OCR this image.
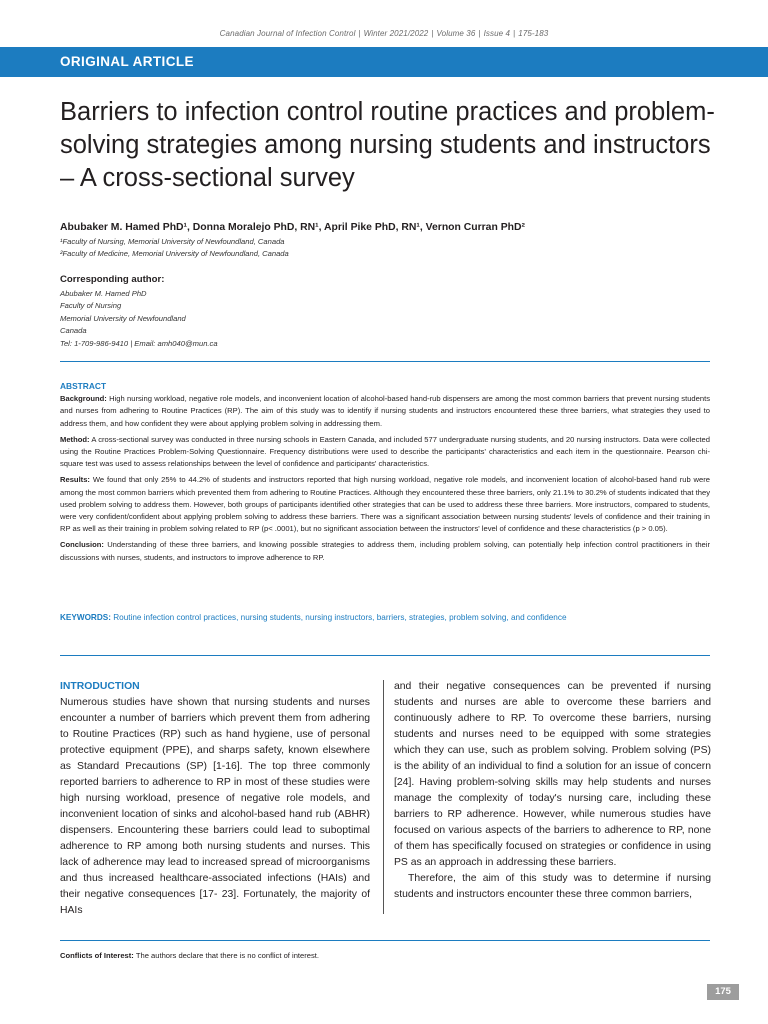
Canadian Journal of Infection Control | Winter 2021/2022 | Volume 36 | Issue 4 | 175-183
ORIGINAL ARTICLE
Barriers to infection control routine practices and problem-solving strategies among nursing students and instructors – A cross-sectional survey
Abubaker M. Hamed PhD¹, Donna Moralejo PhD, RN¹, April Pike PhD, RN¹, Vernon Curran PhD²
¹Faculty of Nursing, Memorial University of Newfoundland, Canada
²Faculty of Medicine, Memorial University of Newfoundland, Canada
Corresponding author:
Abubaker M. Hamed PhD
Faculty of Nursing
Memorial University of Newfoundland
Canada
Tel: 1-709-986-9410 | Email: amh040@mun.ca
ABSTRACT

Background: High nursing workload, negative role models, and inconvenient location of alcohol-based hand-rub dispensers are among the most common barriers that prevent nursing students and nurses from adhering to Routine Practices (RP). The aim of this study was to identify if nursing students and instructors encountered these three barriers, what strategies they used to address them, and how confident they were about applying problem solving in addressing them.

Method: A cross-sectional survey was conducted in three nursing schools in Eastern Canada, and included 577 undergraduate nursing students, and 20 nursing instructors. Data were collected using the Routine Practices Problem-Solving Questionnaire. Frequency distributions were used to describe the participants' characteristics and each item in the questionnaire. Pearson chi-square test was used to assess relationships between the level of confidence and participants' characteristics.

Results: We found that only 25% to 44.2% of students and instructors reported that high nursing workload, negative role models, and inconvenient location of alcohol-based hand rub were among the most common barriers which prevented them from adhering to Routine Practices. Although they encountered these three barriers, only 21.1% to 30.2% of students indicated that they used problem solving to address them. However, both groups of participants identified other strategies that can be used to address these three barriers. More instructors, compared to students, were very confident/confident about applying problem solving to address these barriers. There was a significant association between nursing students' levels of confidence and their training in RP as well as their training in problem solving related to RP (p< .0001), but no significant association between the instructors' level of confidence and these characteristics (p > 0.05).

Conclusion: Understanding of these three barriers, and knowing possible strategies to address them, including problem solving, can potentially help infection control practitioners in their discussions with nurses, students, and instructors to improve adherence to RP.

KEYWORDS: Routine infection control practices, nursing students, nursing instructors, barriers, strategies, problem solving, and confidence
INTRODUCTION

Numerous studies have shown that nursing students and nurses encounter a number of barriers which prevent them from adhering to Routine Practices (RP) such as hand hygiene, use of personal protective equipment (PPE), and sharps safety, known elsewhere as Standard Precautions (SP) [1-16]. The top three commonly reported barriers to adherence to RP in most of these studies were high nursing workload, presence of negative role models, and inconvenient location of sinks and alcohol-based hand rub (ABHR) dispensers. Encountering these barriers could lead to suboptimal adherence to RP among both nursing students and nurses. This lack of adherence may lead to increased spread of microorganisms and thus increased healthcare-associated infections (HAIs) and their negative consequences [17- 23]. Fortunately, the majority of HAIs

and their negative consequences can be prevented if nursing students and nurses are able to overcome these barriers and continuously adhere to RP. To overcome these barriers, nursing students and nurses need to be equipped with some strategies which they can use, such as problem solving. Problem solving (PS) is the ability of an individual to find a solution for an issue of concern [24]. Having problem-solving skills may help students and nurses manage the complexity of today's nursing care, including these barriers to RP adherence. However, while numerous studies have focused on various aspects of the barriers to adherence to RP, none of them has specifically focused on strategies or confidence in using PS as an approach in addressing these barriers.

Therefore, the aim of this study was to determine if nursing students and instructors encounter these three common barriers,

Conflicts of Interest: The authors declare that there is no conflict of interest.
175
